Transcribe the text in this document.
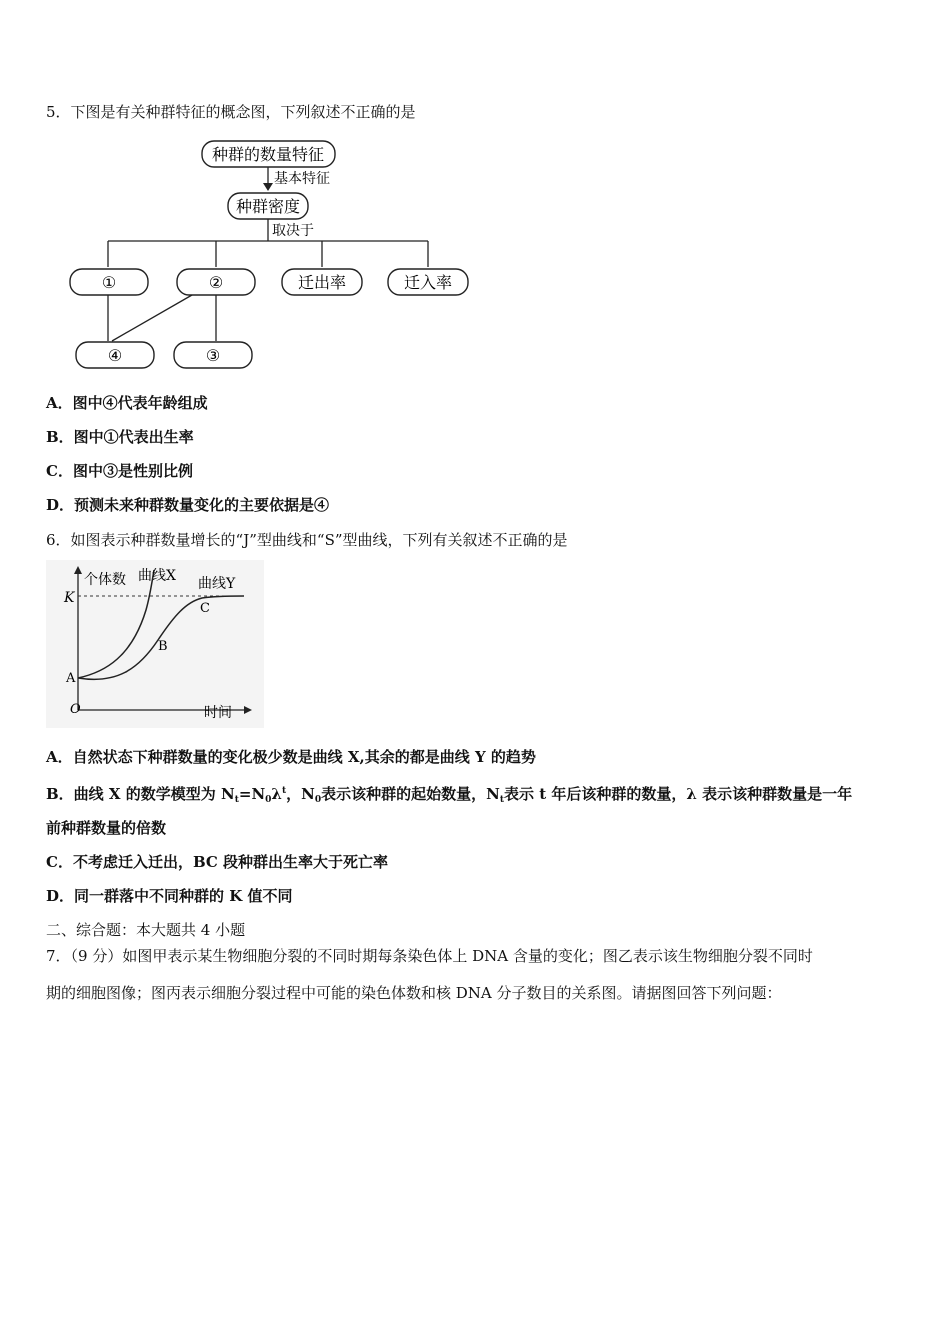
5．下图是有关种群特征的概念图，下列叙述不正确的是
种群的数量特征
基本特征
种群密度
取决于
①	②	迁出率	迁入率
④	③
A．图中④代表年龄组成
B．图中①代表出生率
C．图中③是性别比例
D．预测未来种群数量变化的主要依据是④
6．如图表示种群数量增长的“J”型曲线和“S”型曲线，下列有关叙述不正确的是
个体数 曲线X 曲线Y
K
C
B
A
O	时间
A．自然状态下种群数量的变化极少数是曲线 X,其余的都是曲线 Y 的趋势
B．曲线 X 的数学模型为 $N_t=N_0\lambda^t$，$N_0$表示该种群的起始数量，$N_t$表示 t 年后该种群的数量，λ 表示该种群数量是一年
前种群数量的倍数
C．不考虑迁入迁出，BC 段种群出生率大于死亡率
D．同一群落中不同种群的 K 值不同
二、综合题：本大题共 4 小题
7．（9 分）如图甲表示某生物细胞分裂的不同时期每条染色体上 DNA 含量的变化；图乙表示该生物细胞分裂不同时
期的细胞图像；图丙表示细胞分裂过程中可能的染色体数和核 DNA 分子数目的关系图。请据图回答下列问题：
